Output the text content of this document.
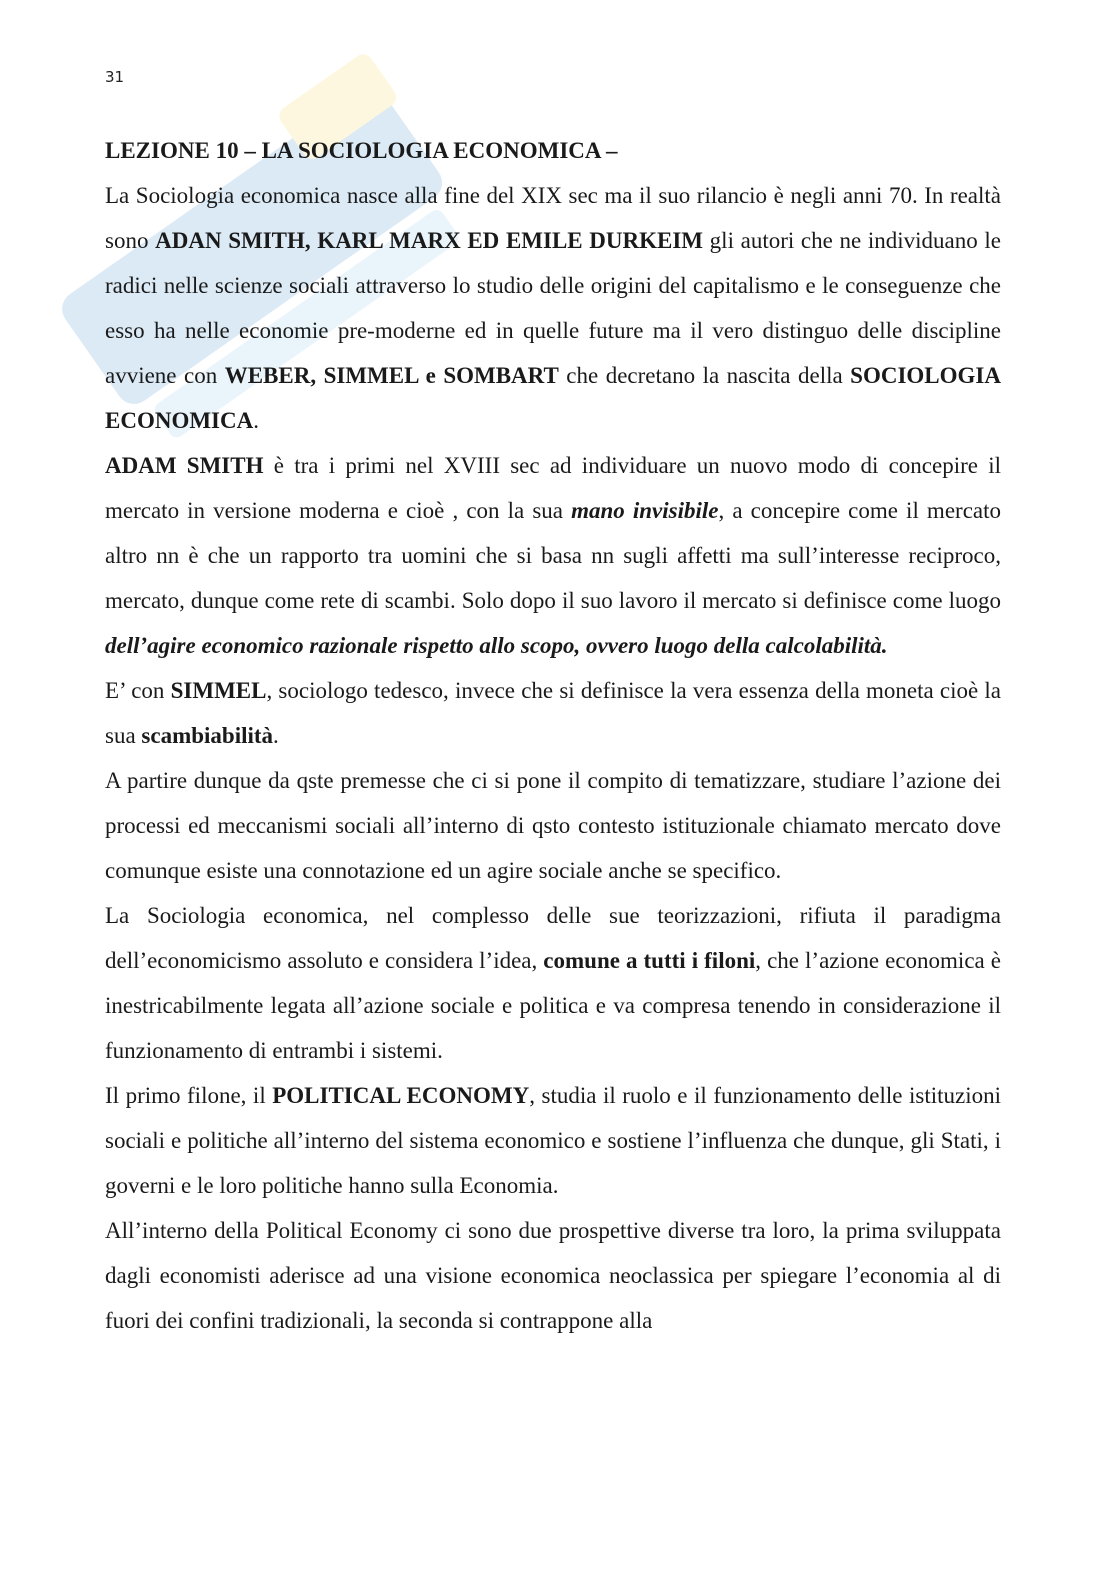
31

LEZIONE 10 – LA SOCIOLOGIA ECONOMICA –

La Sociologia economica nasce alla fine del XIX sec ma il suo rilancio è negli anni 70. In realtà sono ADAN SMITH, KARL MARX ED EMILE DURKEIM gli autori che ne individuano le radici nelle scienze sociali attraverso lo studio delle origini del capitalismo e le conseguenze che esso ha nelle economie pre-moderne ed in quelle future ma il vero distinguo delle discipline avviene con WEBER, SIMMEL e SOMBART che decretano la nascita della SOCIOLOGIA ECONOMICA.

ADAM SMITH è tra i primi nel XVIII sec ad individuare un nuovo modo di concepire il mercato in versione moderna e cioè , con la sua mano invisibile, a concepire come il mercato altro nn è che un rapporto tra uomini che si basa nn sugli affetti ma sull’interesse reciproco, mercato, dunque come rete di scambi. Solo dopo il suo lavoro il mercato si definisce come luogo dell’agire economico razionale rispetto allo scopo, ovvero luogo della calcolabilità.

E’ con SIMMEL, sociologo tedesco, invece che si definisce la vera essenza della moneta cioè la sua scambiabilità.

A partire dunque da qste premesse che ci si pone il compito di tematizzare, studiare l’azione dei processi ed meccanismi sociali all’interno di qsto contesto istituzionale chiamato mercato dove comunque esiste una connotazione ed un agire sociale anche se specifico.

La Sociologia economica, nel complesso delle sue teorizzazioni, rifiuta il paradigma dell’economicismo assoluto e considera l’idea, comune a tutti i filoni, che l’azione economica è inestricabilmente legata all’azione sociale e politica e va compresa tenendo in considerazione il funzionamento di entrambi i sistemi.

Il primo filone, il POLITICAL ECONOMY, studia il ruolo e il funzionamento delle istituzioni sociali e politiche all’interno del sistema economico e sostiene l’influenza che dunque, gli Stati, i governi e le loro politiche hanno sulla Economia.

All’interno della Political Economy ci sono due prospettive diverse tra loro, la prima sviluppata dagli economisti aderisce ad una visione economica neoclassica per spiegare l’economia al di fuori dei confini tradizionali, la seconda si contrappone alla
